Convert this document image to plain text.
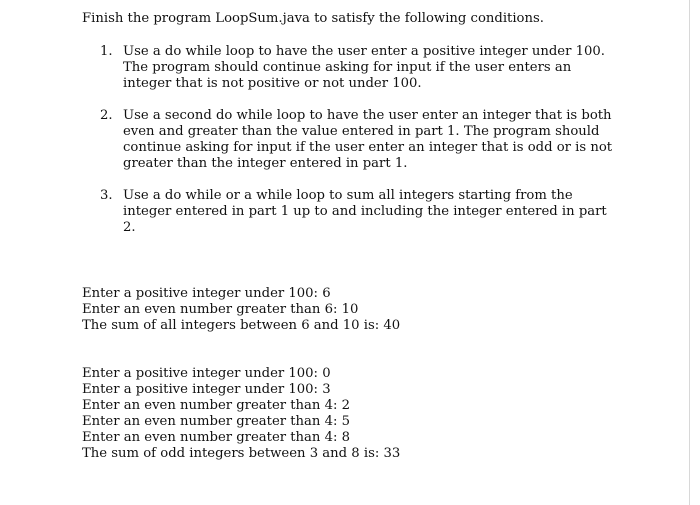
Finish the program LoopSum.java to satisfy the following conditions.
1. Use a do while loop to have the user enter a positive integer under 100.
The program should continue asking for input if the user enters an
integer that is not positive or not under 100.
2. Use a second do while loop to have the user enter an integer that is both
even and greater than the value entered in part 1. The program should
continue asking for input if the user enter an integer that is odd or is not
greater than the integer entered in part 1.
3. Use a do while or a while loop to sum all integers starting from the
integer entered in part 1 up to and including the integer entered in part
2.
Enter a positive integer under 100: 6
Enter an even number greater than 6: 10
The sum of all integers between 6 and 10 is: 40
Enter a positive integer under 100: 0
Enter a positive integer under 100: 3
Enter an even number greater than 4: 2
Enter an even number greater than 4: 5
Enter an even number greater than 4: 8
The sum of odd integers between 3 and 8 is: 33
